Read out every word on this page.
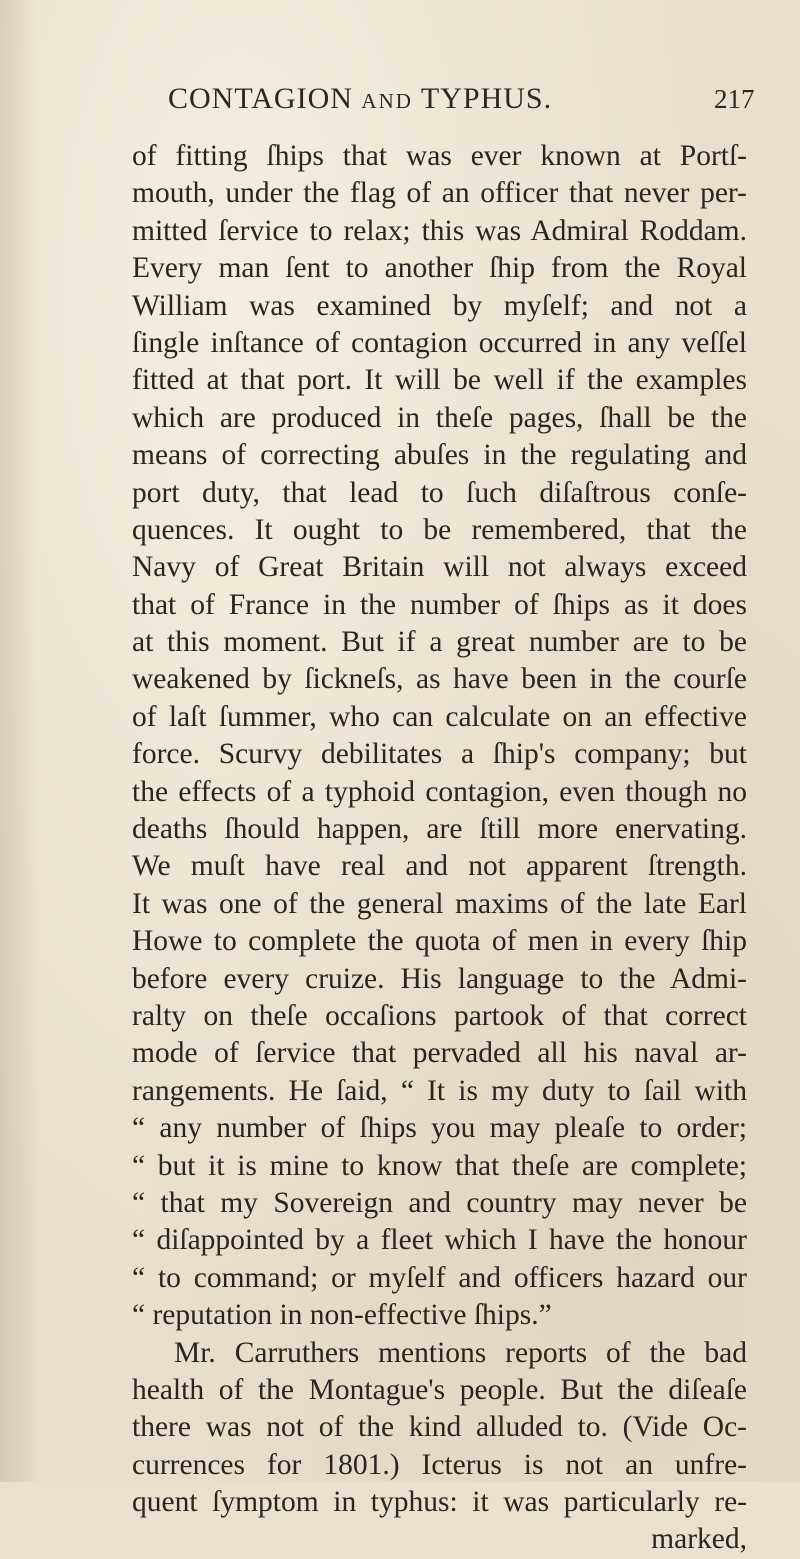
CONTAGION AND TYPHUS.	217
of fitting ſhips that was ever known at Portſ-
mouth, under the flag of an officer that never per-
mitted ſervice to relax; this was Admiral Roddam.
Every man ſent to another ſhip from the Royal
William was examined by myſelf; and not a
ſingle inſtance of contagion occurred in any veſſel
fitted at that port. It will be well if the examples
which are produced in theſe pages, ſhall be the
means of correcting abuſes in the regulating and
port duty, that lead to ſuch diſaſtrous conſe-
quences. It ought to be remembered, that the
Navy of Great Britain will not always exceed
that of France in the number of ſhips as it does
at this moment. But if a great number are to be
weakened by ſickneſs, as have been in the courſe
of laſt ſummer, who can calculate on an effective
force. Scurvy debilitates a ſhip's company; but
the effects of a typhoid contagion, even though no
deaths ſhould happen, are ſtill more enervating.
We muſt have real and not apparent ſtrength.
It was one of the general maxims of the late Earl
Howe to complete the quota of men in every ſhip
before every cruize. His language to the Admi-
ralty on theſe occaſions partook of that correct
mode of ſervice that pervaded all his naval ar-
rangements. He ſaid, “ It is my duty to ſail with
“ any number of ſhips you may pleaſe to order;
“ but it is mine to know that theſe are complete;
“ that my Sovereign and country may never be
“ diſappointed by a fleet which I have the honour
“ to command; or myſelf and officers hazard our
“ reputation in non-effective ſhips.”
Mr. Carruthers mentions reports of the bad
health of the Montague's people. But the diſeaſe
there was not of the kind alluded to. (Vide Oc-
currences for 1801.) Icterus is not an unfre-
quent ſymptom in typhus: it was particularly re-
marked,
